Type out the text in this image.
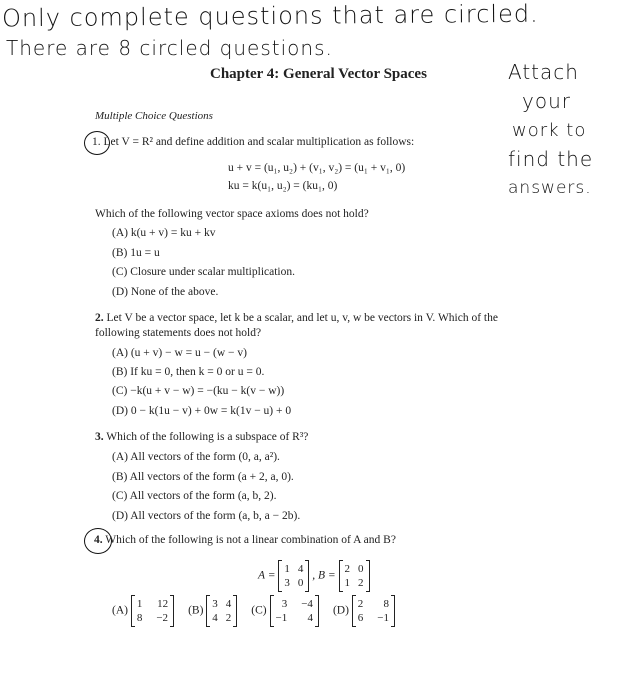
Only complete questions that are circled.
There are 8 circled questions.
Attach
your
work to
find the
answers.
Chapter 4: General Vector Spaces
Multiple Choice Questions
1. Let V = R² and define addition and scalar multiplication as follows:
u + v = (u₁, u₂) + (v₁, v₂) = (u₁ + v₁, 0)
ku = k(u₁, u₂) = (ku₁, 0)
Which of the following vector space axioms does not hold?
(A) k(u + v) = ku + kv
(B) 1u = u
(C) Closure under scalar multiplication.
(D) None of the above.
2. Let V be a vector space, let k be a scalar, and let u, v, w be vectors in V. Which of the
following statements does not hold?
(A) (u + v) − w = u − (w − v)
(B) If ku = 0, then k = 0 or u = 0.
(C) −k(u + v − w) = −(ku − k(v − w))
(D) 0 − k(1u − v) + 0w = k(1v − u) + 0
3. Which of the following is a subspace of R³?
(A) All vectors of the form (0, a, a²).
(B) All vectors of the form (a + 2, a, 0).
(C) All vectors of the form (a, b, 2).
(D) All vectors of the form (a, b, a − 2b).
4. Which of the following is not a linear combination of A and B?
A =
1 4
3 0
, B =
2 0
1 2
(A)
1 12
8 −2
(B)
3 4
4 2
(C)
3 −4
−1	4
(D)
2	8
6 −1
